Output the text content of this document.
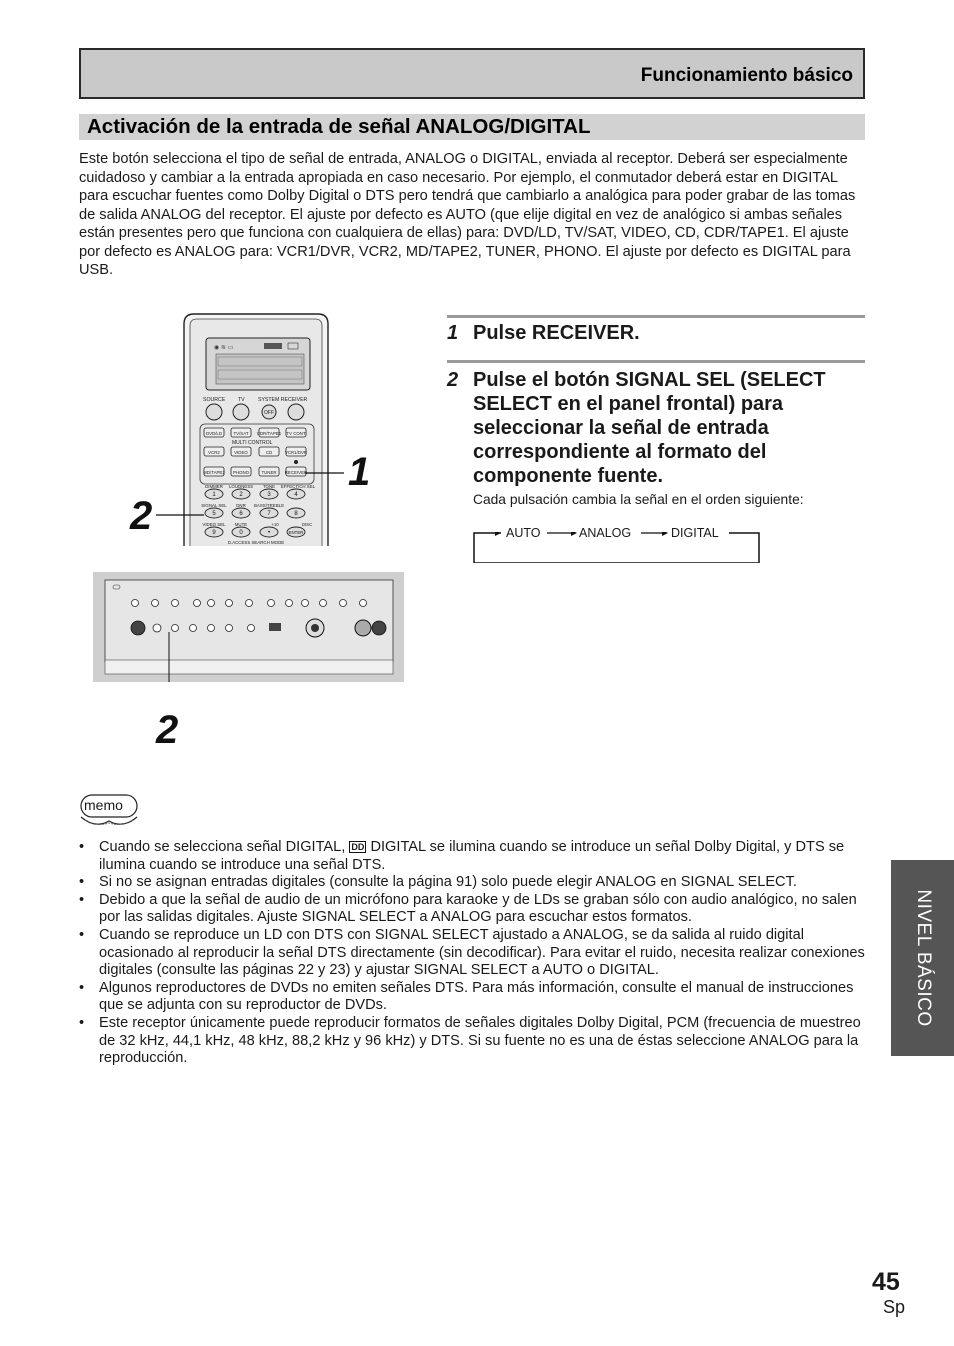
Funcionamiento básico
Activación de la entrada de señal ANALOG/DIGITAL

Este botón selecciona el tipo de señal de entrada, ANALOG o DIGITAL, enviada al receptor. Deberá ser especialmente cuidadoso y cambiar a la entrada apropiada en caso necesario. Por ejemplo, el conmutador deberá estar en DIGITAL para escuchar fuentes como Dolby Digital o DTS pero tendrá que cambiarlo a analógica para poder grabar de las tomas de salida ANALOG del receptor. El ajuste por defecto es AUTO (que elije digital en vez de analógico si ambas señales están presentes pero que funciona con cualquiera de ellas) para: DVD/LD, TV/SAT, VIDEO, CD, CDR/TAPE1. El ajuste por defecto es ANALOG para: VCR1/DVR, VCR2, MD/TAPE2, TUNER, PHONO. El ajuste por defecto es DIGITAL para USB.

◉ ≋ ▭
SOURCE TV	SYSTEM RECEIVER
OFF
MULTI CONTROL
DVD/LD	TV/SAT CDR/TAPE1 TV CONT
VCR2	VIDEO	CD	VCR1/DVR
MD/TAPE2 PHONO	TUNER RECEIVER
DIMMER LOUDNESS TONE EFFECT/CH SEL
SIGNAL SEL DNR BASS/TREBLE
VIDEO SEL MUTE	+10	DISC
1	2	3	4
5	6	7	8
9	0	•	ENTER
D.ACCESS SEARCH MODE
1
2
2
1 Pulse RECEIVER.
2 Pulse el botón SIGNAL SEL (SELECT SELECT en el panel frontal) para seleccionar la señal de entrada correspondiente al formato del componente fuente.
Cada pulsación cambia la señal en el orden siguiente:
AUTO	ANALOG	DIGITAL
memo
• Cuando se selecciona señal DIGITAL, DD DIGITAL se ilumina cuando se introduce un señal Dolby Digital, y DTS se ilumina cuando se introduce una señal DTS.
• Si no se asignan entradas digitales (consulte la página 91) solo puede elegir ANALOG en SIGNAL SELECT.
• Debido a que la señal de audio de un micrófono para karaoke y de LDs se graban sólo con audio analógico, no salen por las salidas digitales. Ajuste SIGNAL SELECT a ANALOG para escuchar estos formatos.
• Cuando se reproduce un LD con DTS con SIGNAL SELECT ajustado a ANALOG, se da salida al ruido digital ocasionado al reproducir la señal DTS directamente (sin decodificar). Para evitar el ruido, necesita realizar conexiones digitales (consulte las páginas 22 y 23) y ajustar SIGNAL SELECT a AUTO o DIGITAL.
• Algunos reproductores de DVDs no emiten señales DTS. Para más información, consulte el manual de instrucciones que se adjunta con su reproductor de DVDs.
• Este receptor únicamente puede reproducir formatos de señales digitales Dolby Digital, PCM (frecuencia de muestreo de 32 kHz, 44,1 kHz, 48 kHz, 88,2 kHz y 96 kHz) y DTS. Si su fuente no es una de éstas seleccione ANALOG para la reproducción.
NIVEL BÁSICO
45
Sp
